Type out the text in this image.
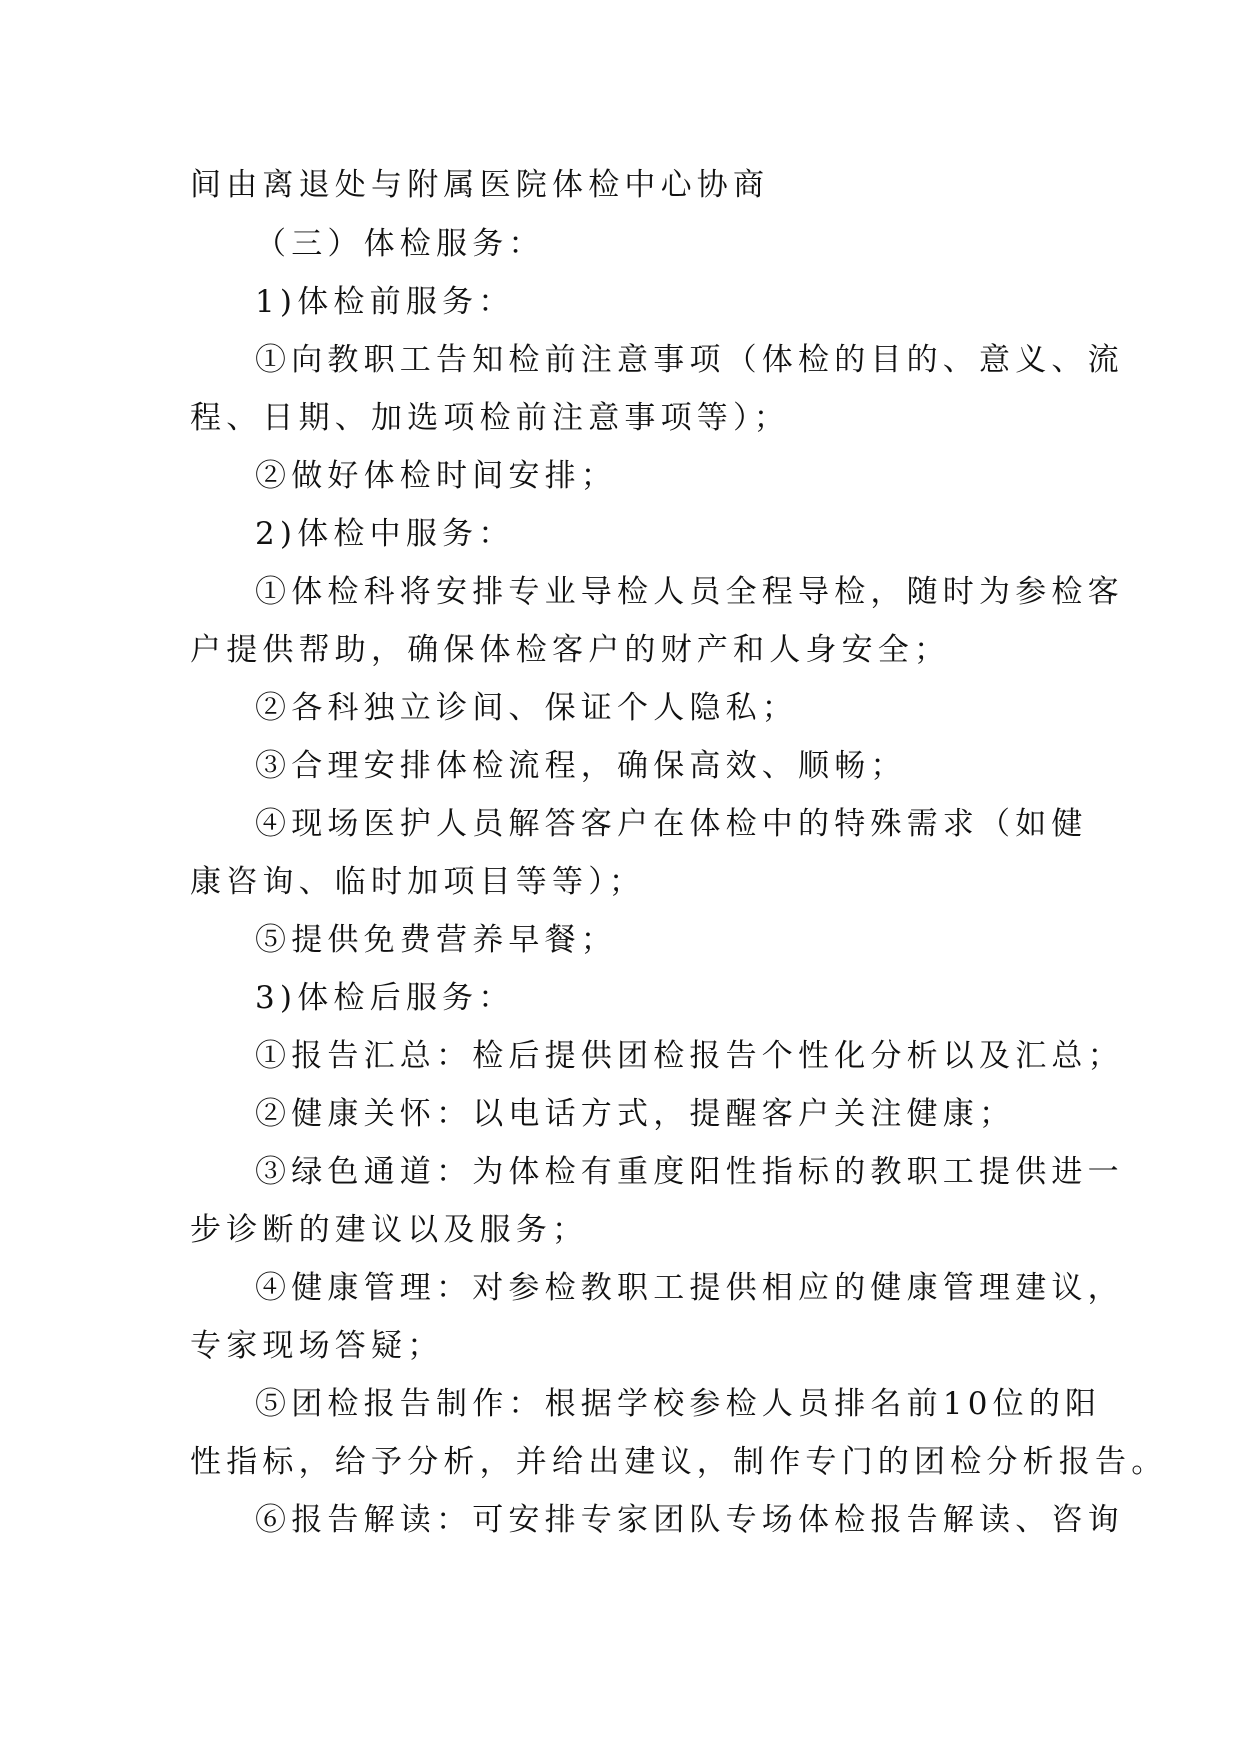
间由离退处与附属医院体检中心协商

（三）体检服务：

1)体检前服务：

①向教职工告知检前注意事项（体检的目的、意义、流

程、日期、加选项检前注意事项等）；

②做好体检时间安排；

2)体检中服务：

①体检科将安排专业导检人员全程导检，随时为参检客

户提供帮助，确保体检客户的财产和人身安全；

②各科独立诊间、保证个人隐私；

③合理安排体检流程，确保高效、顺畅；

④现场医护人员解答客户在体检中的特殊需求（如健

康咨询、临时加项目等等）；

⑤提供免费营养早餐；

3)体检后服务：

①报告汇总：检后提供团检报告个性化分析以及汇总；

②健康关怀：以电话方式，提醒客户关注健康；

③绿色通道：为体检有重度阳性指标的教职工提供进一

步诊断的建议以及服务；

④健康管理：对参检教职工提供相应的健康管理建议，

专家现场答疑；

⑤团检报告制作：根据学校参检人员排名前10位的阳

性指标，给予分析，并给出建议，制作专门的团检分析报告。

⑥报告解读：可安排专家团队专场体检报告解读、咨询
